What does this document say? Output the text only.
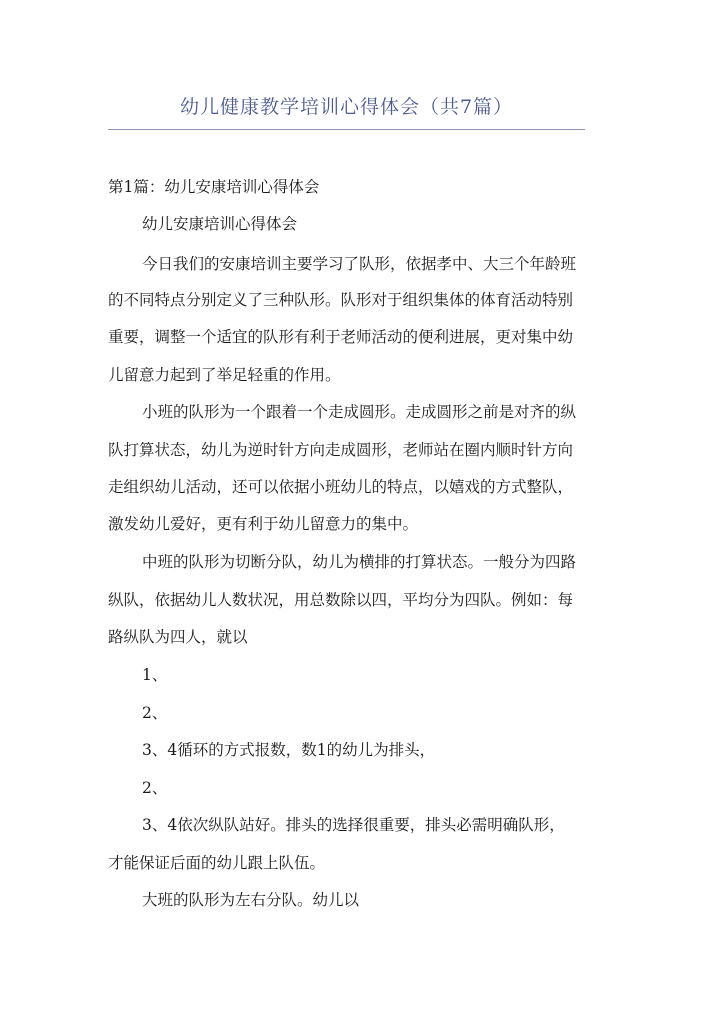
幼儿健康教学培训心得体会（共7篇）
第1篇：幼儿安康培训心得体会
幼儿安康培训心得体会
今日我们的安康培训主要学习了队形，依据孝中、大三个年龄班
的不同特点分别定义了三种队形。队形对于组织集体的体育活动特别
重要，调整一个适宜的队形有利于老师活动的便利进展，更对集中幼
儿留意力起到了举足轻重的作用。
小班的队形为一个跟着一个走成圆形。走成圆形之前是对齐的纵
队打算状态，幼儿为逆时针方向走成圆形，老师站在圈内顺时针方向
走组织幼儿活动，还可以依据小班幼儿的特点，以嬉戏的方式整队，
激发幼儿爱好，更有利于幼儿留意力的集中。
中班的队形为切断分队，幼儿为横排的打算状态。一般分为四路
纵队，依据幼儿人数状况，用总数除以四，平均分为四队。例如：每
路纵队为四人，就以
1、
2、
3、4循环的方式报数，数1的幼儿为排头，
2、
3、4依次纵队站好。排头的选择很重要，排头必需明确队形，
才能保证后面的幼儿跟上队伍。
大班的队形为左右分队。幼儿以
